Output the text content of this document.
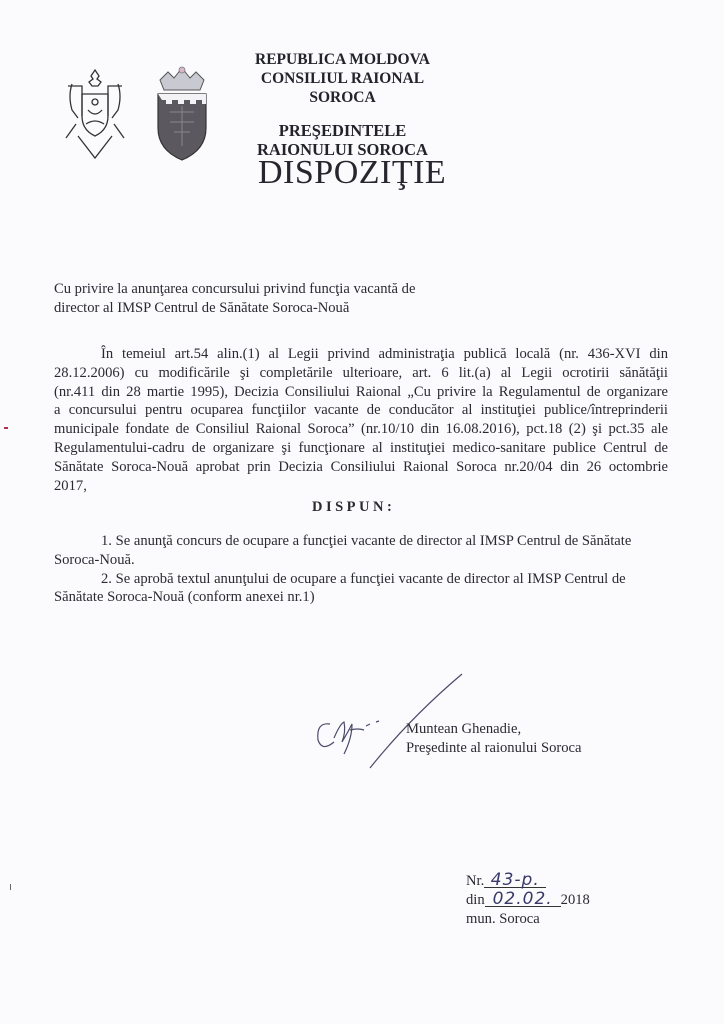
REPUBLICA MOLDOVA
CONSILIUL RAIONAL SOROCA
PREŞEDINTELE
RAIONULUI SOROCA
DISPOZIŢIE
Cu privire la anunţarea concursului privind funcţia vacantă de
director al IMSP Centrul de Sănătate Soroca-Nouă
În temeiul art.54 alin.(1) al Legii privind administraţia publică locală (nr. 436-XVI din
28.12.2006) cu modificările şi completările ulterioare, art. 6 lit.(a) al Legii ocrotirii sănătăţii
(nr.411 din 28 martie 1995), Decizia Consiliului Raional „Cu privire la Regulamentul de organizare
a concursului pentru ocuparea funcţiilor vacante de conducător al instituţiei publice/întreprinderii
municipale fondate de Consiliul Raional Soroca” (nr.10/10 din 16.08.2016), pct.18 (2) şi pct.35 ale
Regulamentului-cadru de organizare şi funcţionare al instituţiei medico-sanitare publice Centrul de
Sănătate Soroca-Nouă aprobat prin Decizia Consiliului Raional Soroca nr.20/04 din 26 octombrie
2017,
DISPUN:
1. Se anunţă concurs de ocupare a funcţiei vacante de director al IMSP Centrul de Sănătate
Soroca-Nouă.
2. Se aprobă textul anunţului de ocupare a funcţiei vacante de director al IMSP Centrul de
Sănătate Soroca-Nouă (conform anexei nr.1)
Muntean Ghenadie,
Preşedinte al raionului Soroca
Nr. 43-p.
din 02.02. 2018
mun. Soroca
